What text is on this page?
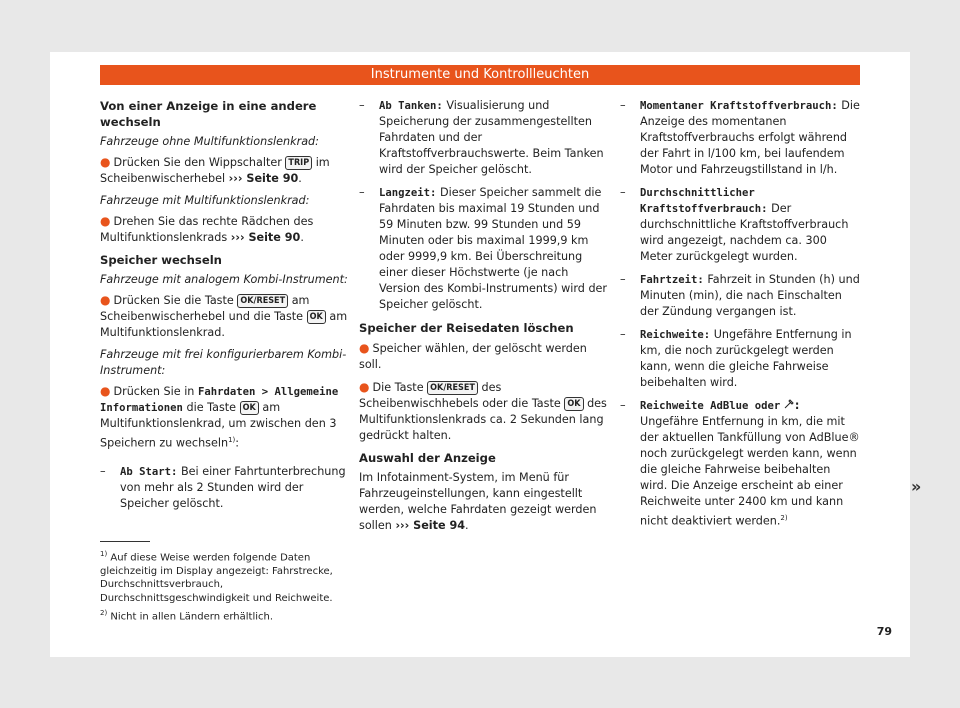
Instrumente und Kontrollleuchten

Von einer Anzeige in eine andere wechseln

Fahrzeuge ohne Multifunktionslenkrad:

● Drücken Sie den Wippschalter TRIP im Scheibenwischerhebel ››› Seite 90.

Fahrzeuge mit Multifunktionslenkrad:

● Drehen Sie das rechte Rädchen des Multifunktionslenkrads ››› Seite 90.

Speicher wechseln

Fahrzeuge mit analogem Kombi-Instrument:

● Drücken Sie die Taste OK/RESET am Scheibenwischerhebel und die Taste OK am Multifunktionslenkrad.

Fahrzeuge mit frei konfigurierbarem Kombi-Instrument:

● Drücken Sie in Fahrdaten > Allgemeine Informationen die Taste OK am Multifunktionslenkrad, um zwischen den 3 Speichern zu wechseln$^{1)}$:

–	Ab Start: Bei einer Fahrtunterbrechung von mehr als 2 Stunden wird der Speicher gelöscht.
–	Ab Tanken: Visualisierung und Speicherung der zusammengestellten Fahrdaten und der Kraftstoffverbrauchswerte. Beim Tanken wird der Speicher gelöscht.
–	Langzeit: Dieser Speicher sammelt die Fahrdaten bis maximal 19 Stunden und 59 Minuten bzw. 99 Stunden und 59 Minuten oder bis maximal 1999,9 km oder 9999,9 km. Bei Überschreitung einer dieser Höchstwerte (je nach Version des Kombi-Instruments) wird der Speicher gelöscht.

Speicher der Reisedaten löschen

● Speicher wählen, der gelöscht werden soll.

● Die Taste OK/RESET des Scheibenwischhebels oder die Taste OK des Multifunktionslenkrads ca. 2 Sekunden lang gedrückt halten.

Auswahl der Anzeige

Im Infotainment-System, im Menü für Fahrzeugeinstellungen, kann eingestellt werden, welche Fahrdaten gezeigt werden sollen ››› Seite 94.

–	Momentaner Kraftstoffverbrauch: Die Anzeige des momentanen Kraftstoffverbrauchs erfolgt während der Fahrt in l/100 km, bei laufendem Motor und Fahrzeugstillstand in l/h.
–	Durchschnittlicher Kraftstoffverbrauch: Der durchschnittliche Kraftstoffverbrauch wird angezeigt, nachdem ca. 300 Meter zurückgelegt wurden.
–	Fahrtzeit: Fahrzeit in Stunden (h) und Minuten (min), die nach Einschalten der Zündung vergangen ist.
–	Reichweite: Ungefähre Entfernung in km, die noch zurückgelegt werden kann, wenn die gleiche Fahrweise beibehalten wird.
–	Reichweite AdBlue oder : Ungefähre Entfernung in km, die mit der aktuellen Tankfüllung von AdBlue® noch zurückgelegt werden kann, wenn die gleiche Fahrweise beibehalten wird. Die Anzeige erscheint ab einer Reichweite unter 2400 km und kann nicht deaktiviert werden.$^{2)}$
»
$^{1)}$ Auf diese Weise werden folgende Daten gleichzeitig im Display angezeigt: Fahrstrecke, Durchschnittsverbrauch, Durchschnittsgeschwindigkeit und Reichweite.
$^{2)}$ Nicht in allen Ländern erhältlich.
79
